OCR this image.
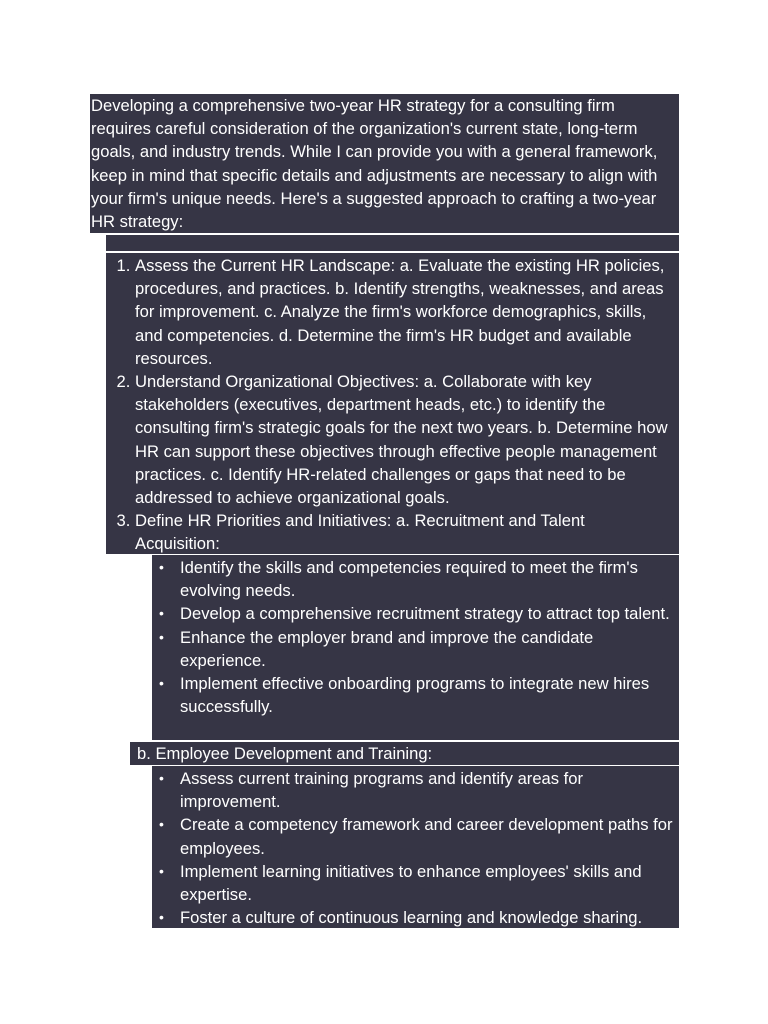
Developing a comprehensive two-year HR strategy for a consulting firm requires careful consideration of the organization's current state, long-term goals, and industry trends. While I can provide you with a general framework, keep in mind that specific details and adjustments are necessary to align with your firm's unique needs. Here's a suggested approach to crafting a two-year HR strategy:
1. Assess the Current HR Landscape: a. Evaluate the existing HR policies, procedures, and practices. b. Identify strengths, weaknesses, and areas for improvement. c. Analyze the firm's workforce demographics, skills, and competencies. d. Determine the firm's HR budget and available resources.
2. Understand Organizational Objectives: a. Collaborate with key stakeholders (executives, department heads, etc.) to identify the consulting firm's strategic goals for the next two years. b. Determine how HR can support these objectives through effective people management practices. c. Identify HR-related challenges or gaps that need to be addressed to achieve organizational goals.
3. Define HR Priorities and Initiatives: a. Recruitment and Talent Acquisition:
• Identify the skills and competencies required to meet the firm's evolving needs.
• Develop a comprehensive recruitment strategy to attract top talent.
• Enhance the employer brand and improve the candidate experience.
• Implement effective onboarding programs to integrate new hires successfully.
b. Employee Development and Training:
• Assess current training programs and identify areas for improvement.
• Create a competency framework and career development paths for employees.
• Implement learning initiatives to enhance employees' skills and expertise.
• Foster a culture of continuous learning and knowledge sharing.
